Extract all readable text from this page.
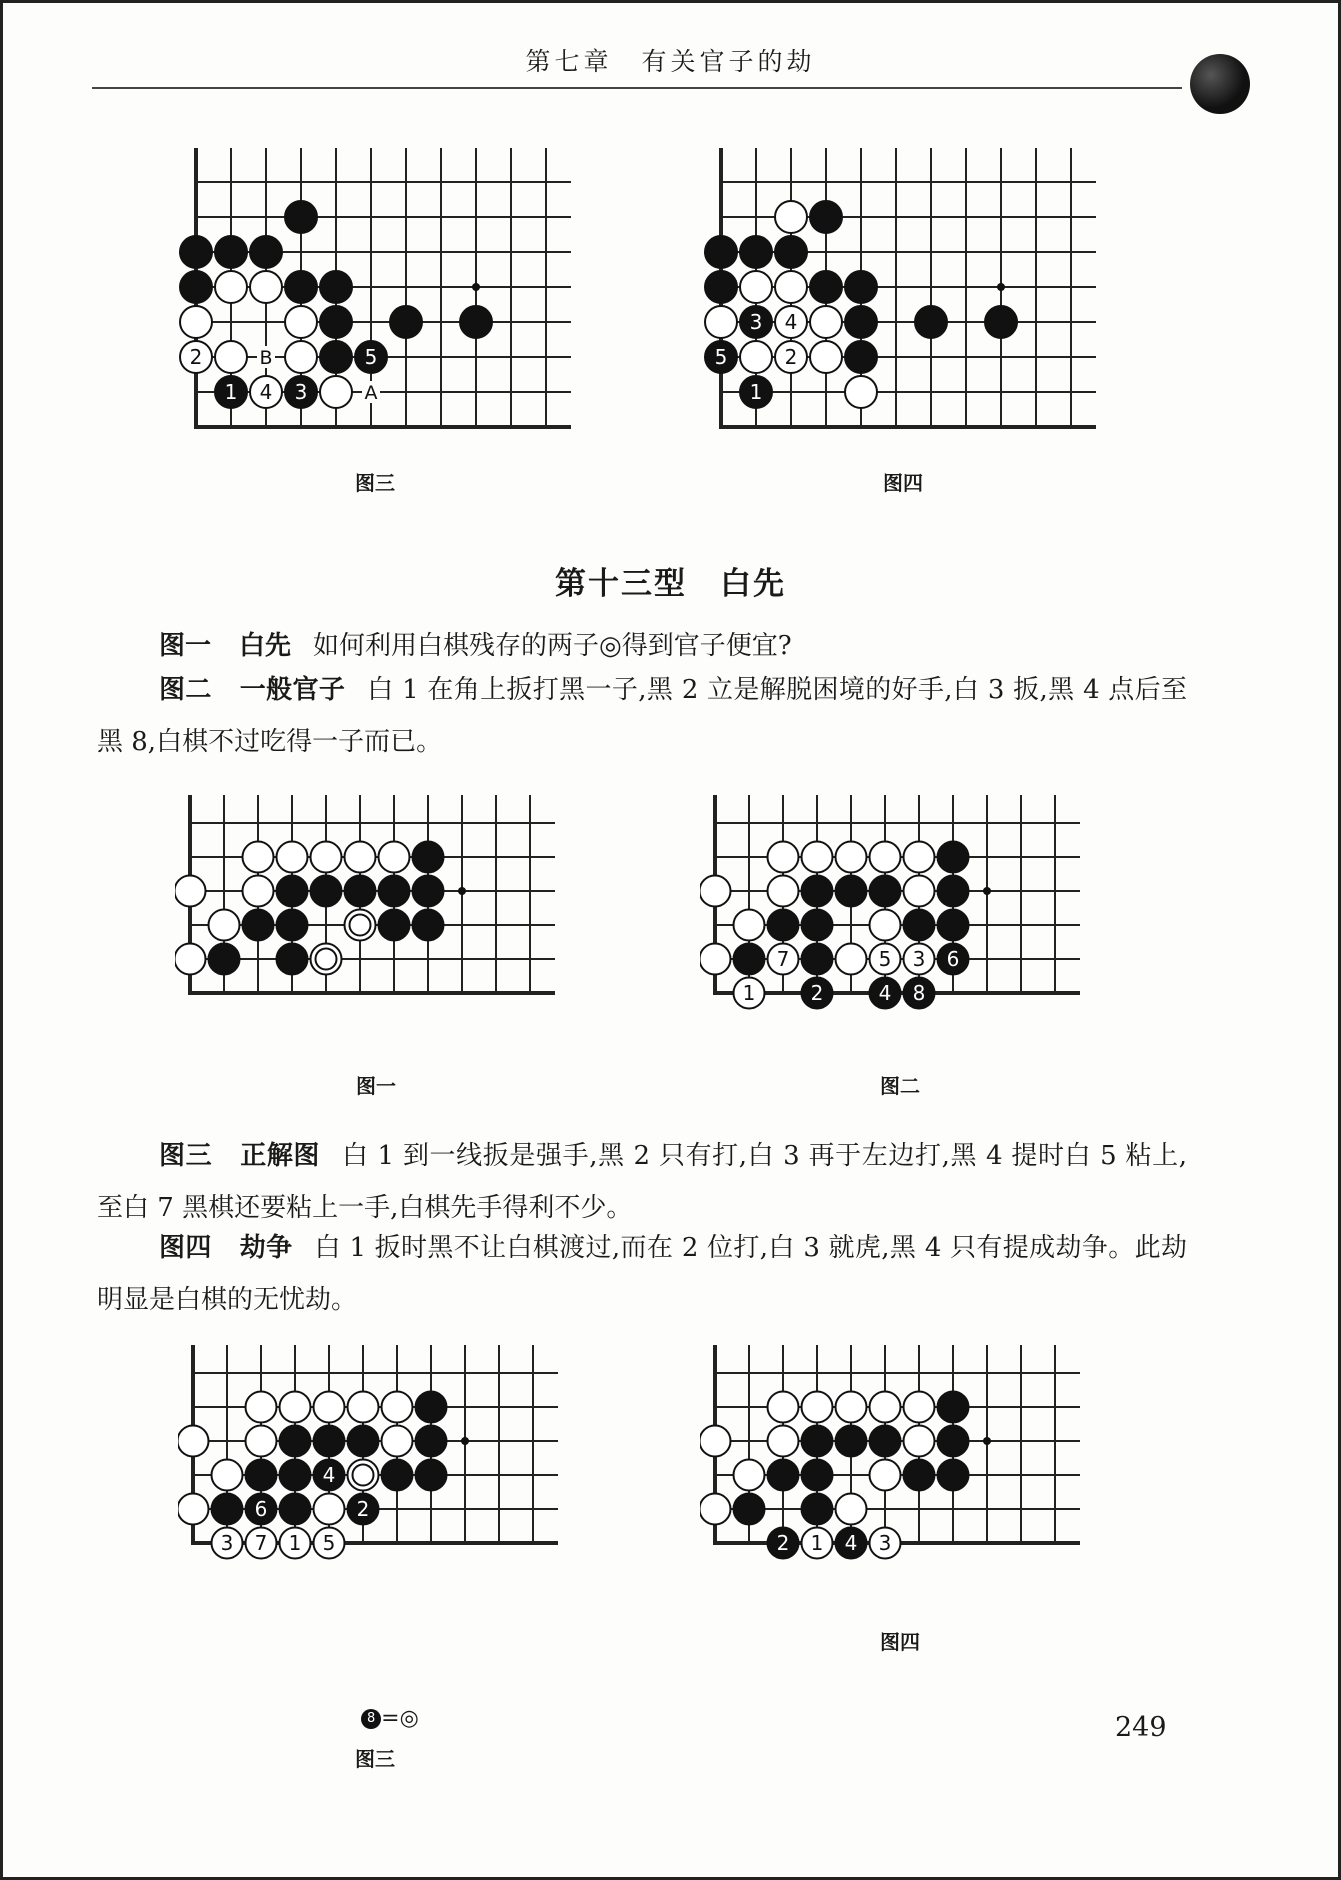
第七章　有关官子的劫
2	B	5
1 4 3	A
图三
3 4
5	2
1
图四
第十三型　白先
图一 白先 如何利用白棋残存的两子◎得到官子便宜?
图二 一般官子 白 1 在角上扳打黑一子,黑 2 立是解脱困境的好手,白 3 扳,黑 4 点后至黑 8,白棋不过吃得一子而已。
图一
7	5 3 6
1	2	4 8
图二
图三 正解图 白 1 到一线扳是强手,黑 2 只有打,白 3 再于左边打,黑 4 提时白 5 粘上,至白 7 黑棋还要粘上一手,白棋先手得利不少。
图四 劫争 白 1 扳时黑不让白棋渡过,而在 2 位打,白 3 就虎,黑 4 只有提成劫争。此劫明显是白棋的无忧劫。
4
6	2
3 7 1 5
8 =◎
图三
2 1 4 3
图四
249
